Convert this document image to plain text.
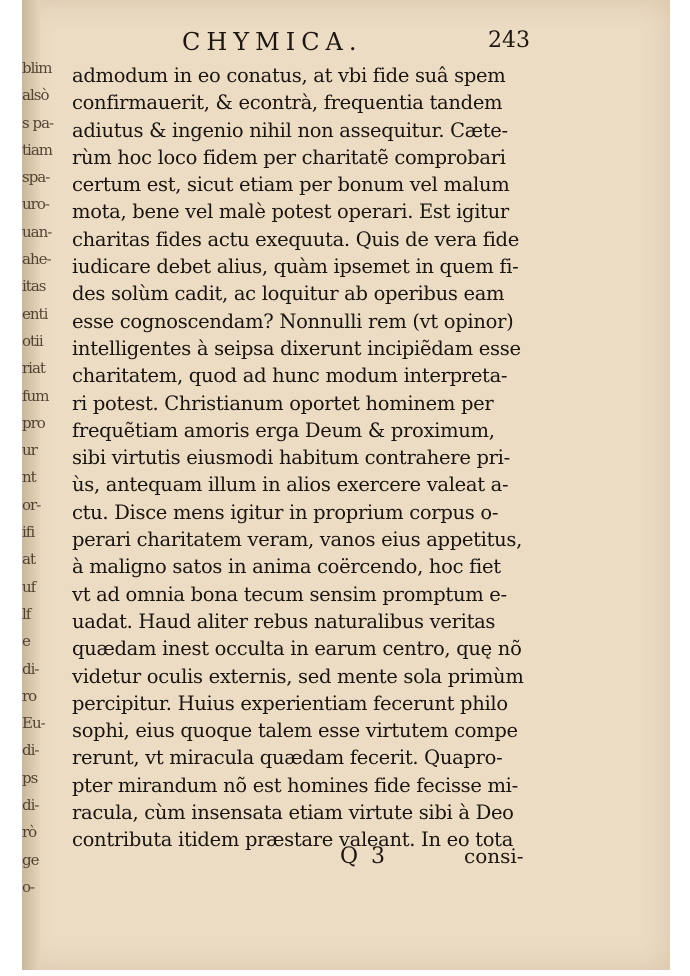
blim
alsò
s pa-
tiam
spa-
uro-
uan-
ahe-
itas
enti
otii
riat
fum
pro
ur
nt
or-
ifi
at
uf
lf
e
di-
ro
Eu-
di-
ps
di-
rò
ge
o-
CHYMICA.	243
admodum in eo conatus, at vbi fide suâ spem
confirmauerit, & econtrà, frequentia tandem
adiutus & ingenio nihil non assequitur. Cæte-
rùm hoc loco fidem per charitatẽ comprobari
certum est, sicut etiam per bonum vel malum
mota, bene vel malè potest operari. Est igitur
charitas fides actu exequuta. Quis de vera fide
iudicare debet alius, quàm ipsemet in quem fi-
des solùm cadit, ac loquitur ab operibus eam
esse cognoscendam? Nonnulli rem (vt opinor)
intelligentes à seipsa dixerunt incipiẽdam esse
charitatem, quod ad hunc modum interpreta-
ri potest. Christianum oportet hominem per
frequẽtiam amoris erga Deum & proximum,
sibi virtutis eiusmodi habitum contrahere pri-
ùs, antequam illum in alios exercere valeat a-
ctu. Disce mens igitur in proprium corpus o-
perari charitatem veram, vanos eius appetitus,
à maligno satos in anima coërcendo, hoc fiet
vt ad omnia bona tecum sensim promptum e-
uadat. Haud aliter rebus naturalibus veritas
quædam inest occulta in earum centro, quę nõ
videtur oculis externis, sed mente sola primùm
percipitur. Huius experientiam fecerunt philo
sophi, eius quoque talem esse virtutem compe
rerunt, vt miracula quædam fecerit. Quapro-
pter mirandum nõ est homines fide fecisse mi-
racula, cùm insensata etiam virtute sibi à Deo
contributa itidem præstare valeant. In eo tota
Q 3	consi-
